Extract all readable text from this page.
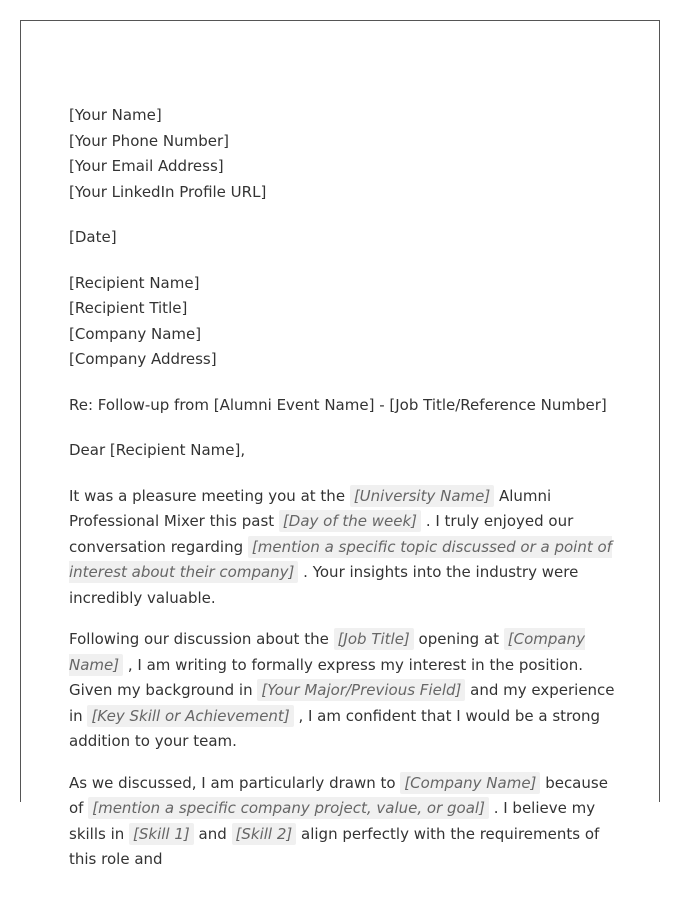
[Your Name]
[Your Phone Number]
[Your Email Address]
[Your LinkedIn Profile URL]
[Date]
[Recipient Name]
[Recipient Title]
[Company Name]
[Company Address]
Re: Follow-up from [Alumni Event Name] - [Job Title/Reference Number]
Dear [Recipient Name],

It was a pleasure meeting you at the [University Name] Alumni Professional Mixer this past [Day of the week] . I truly enjoyed our conversation regarding [mention a specific topic discussed or a point of interest about their company] . Your insights into the industry were incredibly valuable.

Following our discussion about the [Job Title] opening at [Company Name] , I am writing to formally express my interest in the position. Given my background in [Your Major/Previous Field] and my experience in [Key Skill or Achievement] , I am confident that I would be a strong addition to your team.

As we discussed, I am particularly drawn to [Company Name] because of [mention a specific company project, value, or goal] . I believe my skills in [Skill 1] and [Skill 2] align perfectly with the requirements of this role and
